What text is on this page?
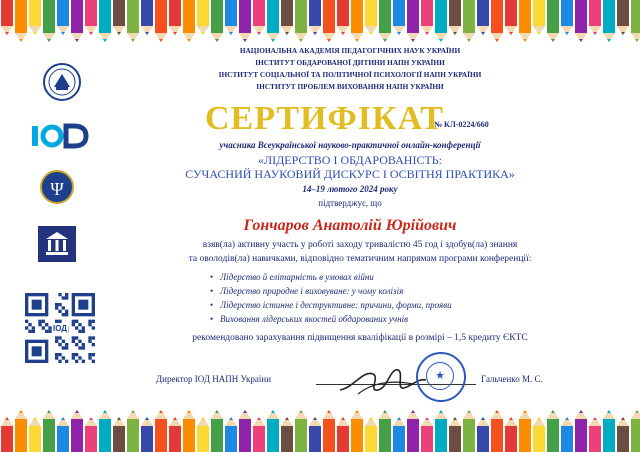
НАЦІОНАЛЬНА АКАДЕМІЯ ПЕДАГОГІЧНИХ НАУК УКРАЇНИ
ІНСТИТУТ ОБДАРОВАНОЇ ДИТИНИ НАПН УКРАЇНИ
ІНСТИТУТ СОЦІАЛЬНОЇ ТА ПОЛІТИЧНОЇ ПСИХОЛОГІЇ НАПН УКРАЇНИ
ІНСТИТУТ ПРОБЛЕМ ВИХОВАННЯ НАПН УКРАЇНИ
Ψ
ІОД
СЕРТИФІКАТ
№ КЛ-0224/660
учасника Всеукраїнської науково-практичної онлайн-конференції
«ЛІДЕРСТВО І ОБДАРОВАНІСТЬ:
СУЧАСНИЙ НАУКОВИЙ ДИСКУРС І ОСВІТНЯ ПРАКТИКА»
14–19 лютого 2024 року
підтверджує, що
Гончаров Анатолій Юрійович
взяв(ла) активну участь у роботі заходу тривалістю 45 год і здобув(ла) знання
та оволодів(ла) навичками, відповідно тематичним напрямам програми конференції:
• Лідерство й елітарність в умовах війни
• Лідерство природне і виховуване: у чому колізія
• Лідерство істинне і деструктивне: причини, форми, прояви
• Виховання лідерських якостей обдарованих учнів
рекомендовано зарахування підвищення кваліфікації в розмірі – 1,5 кредиту ЄКТС
Директор ІОД НАПН України	★	Гальченко М. С.
